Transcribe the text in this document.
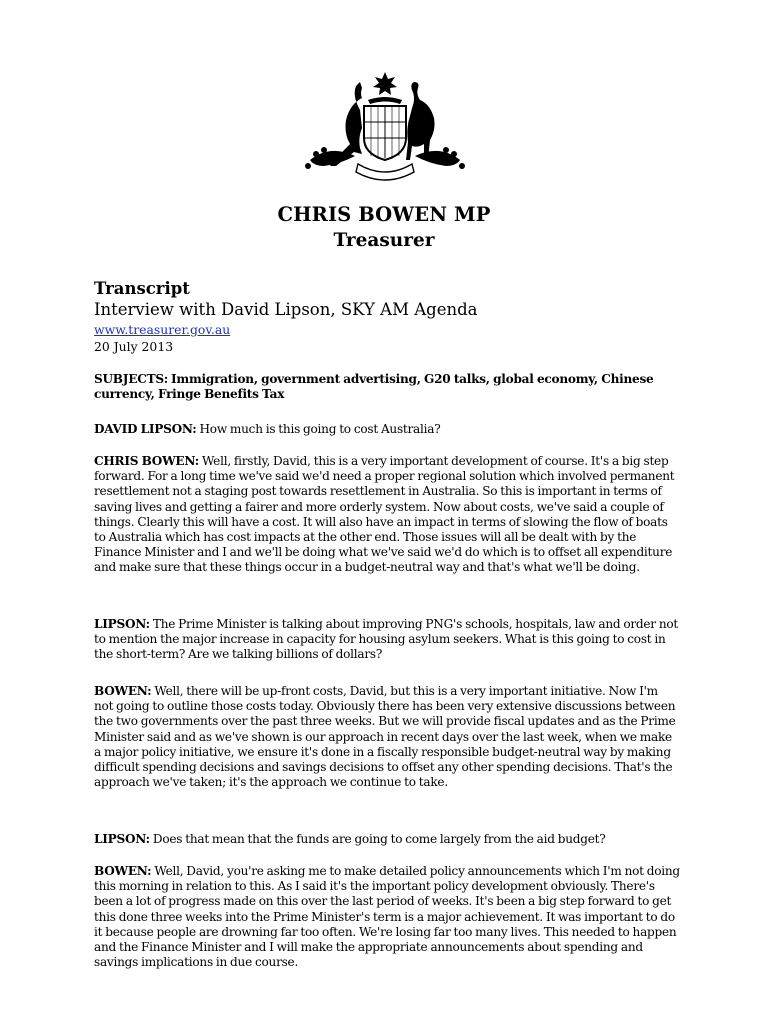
CHRIS BOWEN MP
Treasurer
Transcript
Interview with David Lipson, SKY AM Agenda
www.treasurer.gov.au
20 July 2013
SUBJECTS: Immigration, government advertising, G20 talks, global economy, Chinese currency, Fringe Benefits Tax
DAVID LIPSON: How much is this going to cost Australia?
CHRIS BOWEN: Well, firstly, David, this is a very important development of course. It's a big step forward. For a long time we've said we'd need a proper regional solution which involved permanent resettlement not a staging post towards resettlement in Australia. So this is important in terms of saving lives and getting a fairer and more orderly system. Now about costs, we've said a couple of things. Clearly this will have a cost. It will also have an impact in terms of slowing the flow of boats to Australia which has cost impacts at the other end. Those issues will all be dealt with by the Finance Minister and I and we'll be doing what we've said we'd do which is to offset all expenditure and make sure that these things occur in a budget-neutral way and that's what we'll be doing.
LIPSON: The Prime Minister is talking about improving PNG's schools, hospitals, law and order not to mention the major increase in capacity for housing asylum seekers. What is this going to cost in the short-term? Are we talking billions of dollars?
BOWEN: Well, there will be up-front costs, David, but this is a very important initiative. Now I'm not going to outline those costs today. Obviously there has been very extensive discussions between the two governments over the past three weeks. But we will provide fiscal updates and as the Prime Minister said and as we've shown is our approach in recent days over the last week, when we make a major policy initiative, we ensure it's done in a fiscally responsible budget-neutral way by making difficult spending decisions and savings decisions to offset any other spending decisions. That's the approach we've taken; it's the approach we continue to take.
LIPSON: Does that mean that the funds are going to come largely from the aid budget?
BOWEN: Well, David, you're asking me to make detailed policy announcements which I'm not doing this morning in relation to this. As I said it's the important policy development obviously. There's been a lot of progress made on this over the last period of weeks. It's been a big step forward to get this done three weeks into the Prime Minister's term is a major achievement. It was important to do it because people are drowning far too often. We're losing far too many lives. This needed to happen and the Finance Minister and I will make the appropriate announcements about spending and savings implications in due course.
